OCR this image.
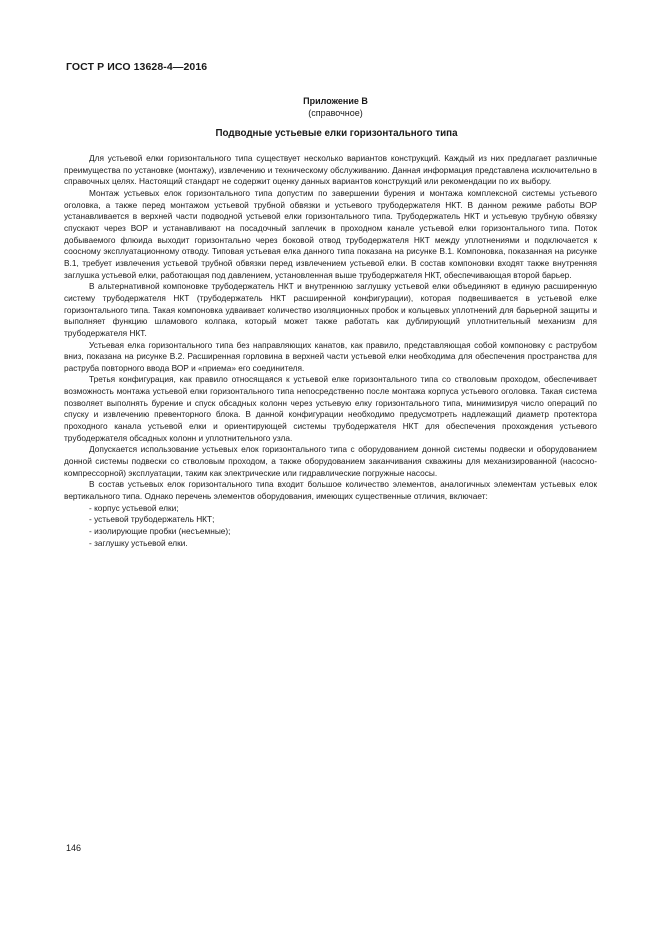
ГОСТ Р ИСО 13628-4—2016
Приложение В
(справочное)
Подводные устьевые елки горизонтального типа

Для устьевой елки горизонтального типа существует несколько вариантов конструкций. Каждый из них предлагает различные преимущества по установке (монтажу), извлечению и техническому обслуживанию. Данная информация представлена исключительно в справочных целях. Настоящий стандарт не содержит оценку данных вариантов конструкций или рекомендации по их выбору.

Монтаж устьевых елок горизонтального типа допустим по завершении бурения и монтажа комплексной системы устьевого оголовка, а также перед монтажом устьевой трубной обвязки и устьевого трубодержателя НКТ. В данном режиме работы ВОР устанавливается в верхней части подводной устьевой елки горизонтального типа. Трубодержатель НКТ и устьевую трубную обвязку спускают через ВОР и устанавливают на посадочный заплечик в проходном канале устьевой елки горизонтального типа. Поток добываемого флюида выходит горизонтально через боковой отвод трубодержателя НКТ между уплотнениями и подключается к соосному эксплуатационному отводу. Типовая устьевая елка данного типа показана на рисунке В.1. Компоновка, показанная на рисунке В.1, требует извлечения устьевой трубной обвязки перед извлечением устьевой елки. В состав компоновки входят также внутренняя заглушка устьевой елки, работающая под давлением, установленная выше трубодержателя НКТ, обеспечивающая второй барьер.

В альтернативной компоновке трубодержатель НКТ и внутреннюю заглушку устьевой елки объединяют в единую расширенную систему трубодержателя НКТ (трубодержатель НКТ расширенной конфигурации), которая подвешивается в устьевой елке горизонтального типа. Такая компоновка удваивает количество изоляционных пробок и кольцевых уплотнений для барьерной защиты и выполняет функцию шламового колпака, который может также работать как дублирующий уплотнительный механизм для трубодержателя НКТ.

Устьевая елка горизонтального типа без направляющих канатов, как правило, представляющая собой компоновку с раструбом вниз, показана на рисунке В.2. Расширенная горловина в верхней части устьевой елки необходима для обеспечения пространства для раструба повторного ввода ВОР и «приема» его соединителя.

Третья конфигурация, как правило относящаяся к устьевой елке горизонтального типа со стволовым проходом, обеспечивает возможность монтажа устьевой елки горизонтального типа непосредственно после монтажа корпуса устьевого оголовка. Такая система позволяет выполнять бурение и спуск обсадных колонн через устьевую елку горизонтального типа, минимизируя число операций по спуску и извлечению превенторного блока. В данной конфигурации необходимо предусмотреть надлежащий диаметр протектора проходного канала устьевой елки и ориентирующей системы трубодержателя НКТ для обеспечения прохождения устьевого трубодержателя обсадных колонн и уплотнительного узла.

Допускается использование устьевых елок горизонтального типа с оборудованием донной системы подвески и оборудованием донной системы подвески со стволовым проходом, а также оборудованием заканчивания скважины для механизированной (насосно-компрессорной) эксплуатации, таким как электрические или гидравлические погружные насосы.

В состав устьевых елок горизонтального типа входит большое количество элементов, аналогичных элементам устьевых елок вертикального типа. Однако перечень элементов оборудования, имеющих существенные отличия, включает:

- корпус устьевой елки;
- устьевой трубодержатель НКТ;
- изолирующие пробки (несъемные);
- заглушку устьевой елки.
146
